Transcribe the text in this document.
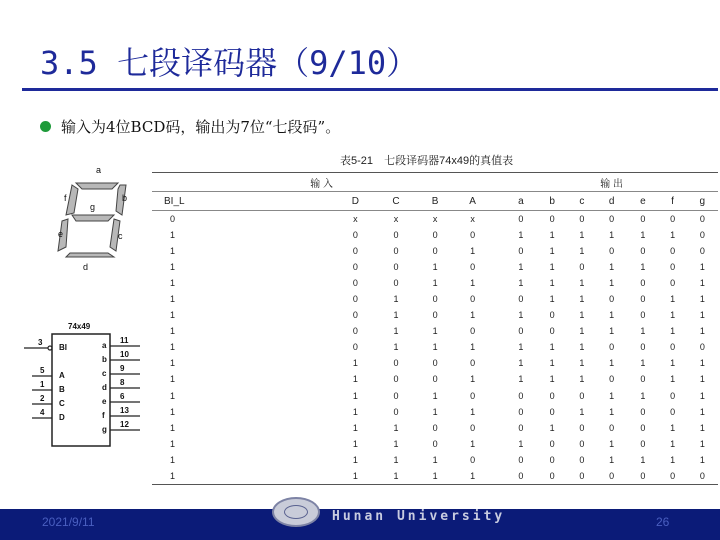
3.5 七段译码器（9/10）
输入为4位BCD码，输出为7位“七段码”。
a
b
c
d
e
f
g
74x49
3
BI
5
A
1
B
2
C
4
D
a
11
b
10
c
9
d
8
e
6
f
13
g
12
表5-21 七段译码器74x49的真值表
输 入						输 出						
BI_L	D	C	B	A		a	b	c	d	e	f	g
0	x	x	x	x		0	0	0	0	0	0	0
1	0	0	0	0		1	1	1	1	1	1	0
1	0	0	0	1		0	1	1	0	0	0	0
1	0	0	1	0		1	1	0	1	1	0	1
1	0	0	1	1		1	1	1	1	0	0	1
1	0	1	0	0		0	1	1	0	0	1	1
1	0	1	0	1		1	0	1	1	0	1	1
1	0	1	1	0		0	0	1	1	1	1	1
1	0	1	1	1		1	1	1	0	0	0	0
1	1	0	0	0		1	1	1	1	1	1	1
1	1	0	0	1		1	1	1	0	0	1	1
1	1	0	1	0		0	0	0	1	1	0	1
1	1	0	1	1		0	0	1	1	0	0	1
1	1	1	0	0		0	1	0	0	0	1	1
1	1	1	0	1		1	0	0	1	0	1	1
1	1	1	1	0		0	0	0	1	1	1	1
1	1	1	1	1		0	0	0	0	0	0	0
Hunan University
2021/9/11	26
